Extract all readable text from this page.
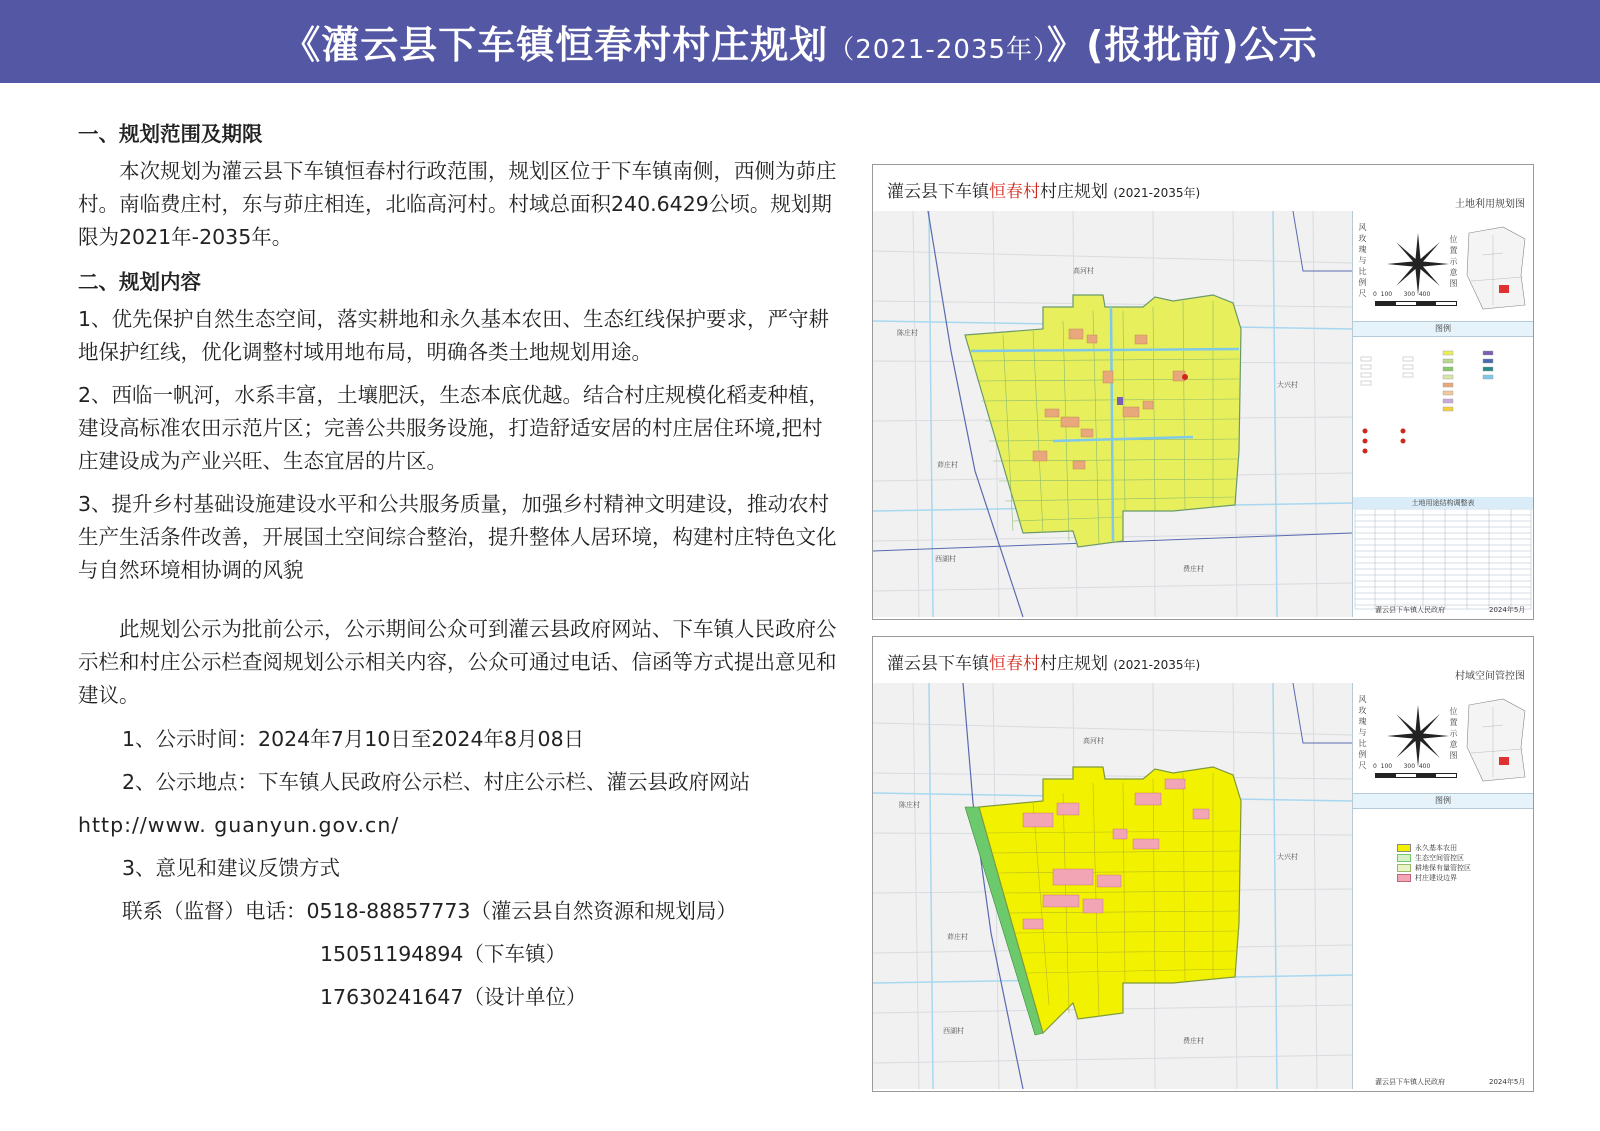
《灌云县下车镇恒春村村庄规划（2021-2035年）》(报批前)公示

一、规划范围及期限

本次规划为灌云县下车镇恒春村行政范围，规划区位于下车镇南侧，西侧为茆庄村。南临费庄村，东与茆庄相连，北临高河村。村域总面积240.6429公顷。规划期限为2021年-2035年。

二、规划内容

1、优先保护自然生态空间，落实耕地和永久基本农田、生态红线保护要求，严守耕地保护红线，优化调整村域用地布局，明确各类土地规划用途。

2、西临一帆河，水系丰富，土壤肥沃，生态本底优越。结合村庄规模化稻麦种植，建设高标准农田示范片区；完善公共服务设施，打造舒适安居的村庄居住环境,把村庄建设成为产业兴旺、生态宜居的片区。

3、提升乡村基础设施建设水平和公共服务质量，加强乡村精神文明建设，推动农村生产生活条件改善，开展国土空间综合整治，提升整体人居环境，构建村庄特色文化与自然环境相协调的风貌

此规划公示为批前公示，公示期间公众可到灌云县政府网站、下车镇人民政府公示栏和村庄公示栏查阅规划公示相关内容，公众可通过电话、信函等方式提出意见和建议。

1、公示时间：2024年7月10日至2024年8月08日

2、公示地点：下车镇人民政府公示栏、村庄公示栏、灌云县政府网站

http://www. guanyun.gov.cn/

3、意见和建议反馈方式

联系（监督）电话：0518-88857773（灌云县自然资源和规划局）

15051194894（下车镇）

17630241647（设计单位）

灌云县下车镇恒春村村庄规划 (2021-2035年)
土地利用规划图
高河村
陈庄村
茆庄村
大兴村
西湖村
费庄村
风玫瑰与比例尺 0 100 300 400
位置示意图
图例
土地用途结构调整表
灌云县下车镇人民政府	2024年5月
灌云县下车镇恒春村村庄规划 (2021-2035年)
村域空间管控图
高河村
陈庄村
茆庄村
大兴村
西湖村
费庄村
风玫瑰与比例尺 0 100 300 400
位置示意图
图例
永久基本农田
生态空间管控区
耕地保有量管控区
村庄建设边界
灌云县下车镇人民政府	2024年5月
